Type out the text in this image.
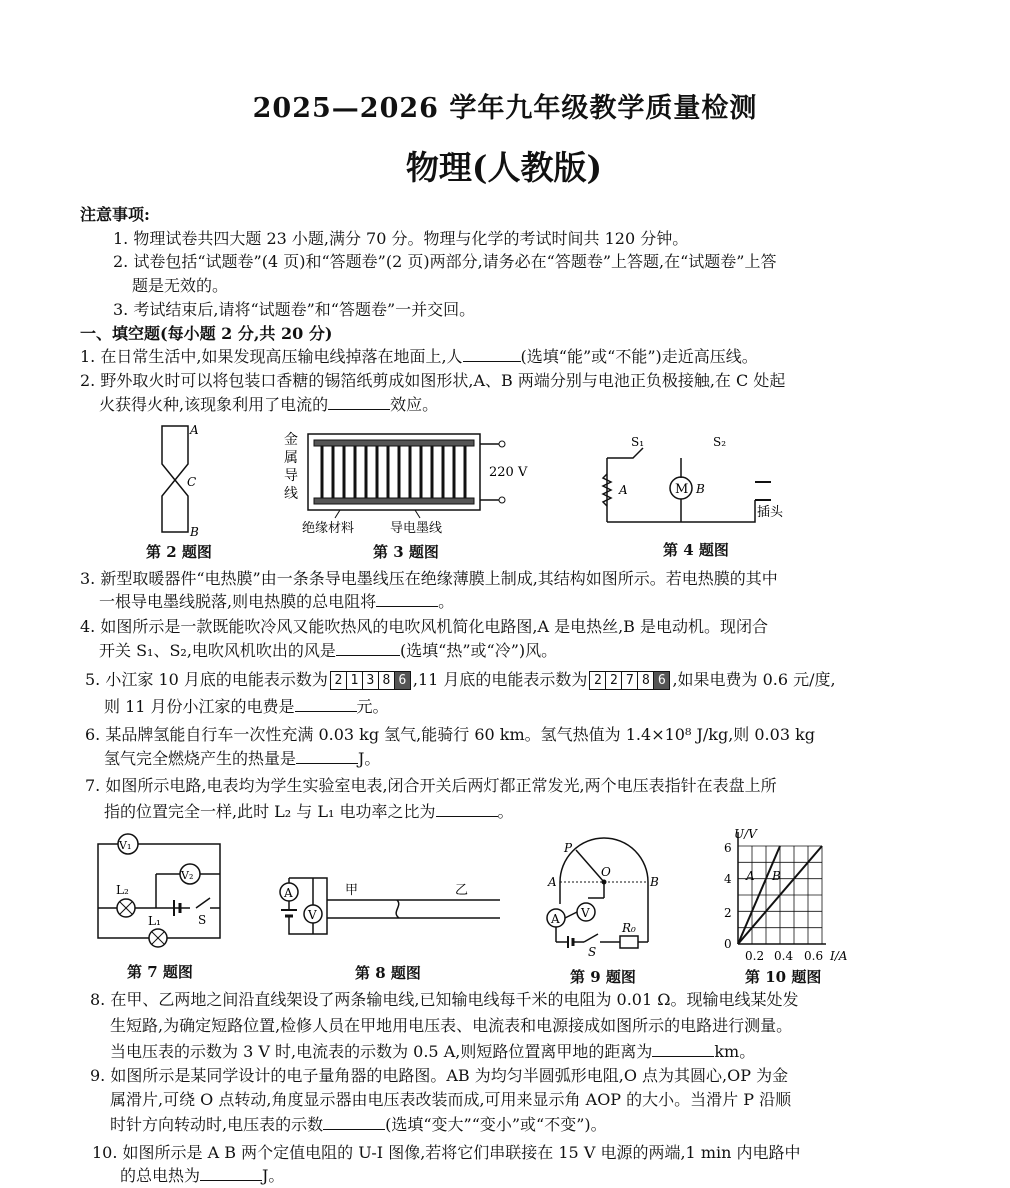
2025—2026 学年九年级教学质量检测
物理(人教版)
注意事项:
1. 物理试卷共四大题 23 小题,满分 70 分。物理与化学的考试时间共 120 分钟。
2. 试卷包括“试题卷”(4 页)和“答题卷”(2 页)两部分,请务必在“答题卷”上答题,在“试题卷”上答
题是无效的。
3. 考试结束后,请将“试题卷”和“答题卷”一并交回。
一、填空题(每小题 2 分,共 20 分)
1. 在日常生活中,如果发现高压输电线掉落在地面上,人	(选填“能”或“不能”)走近高压线。
2. 野外取火时可以将包装口香糖的锡箔纸剪成如图形状,A、B 两端分别与电池正负极接触,在 C 处起
火获得火种,该现象利用了电流的	效应。
A
C
B
第 2 题图
金
属
导
线
220 V
绝缘材料	导电墨线
第 3 题图
M
S₁	S₂
A	B
插头
第 4 题图
3. 新型取暖器件“电热膜”由一条条导电墨线压在绝缘薄膜上制成,其结构如图所示。若电热膜的其中
一根导电墨线脱落,则电热膜的总电阻将	。
4. 如图所示是一款既能吹冷风又能吹热风的电吹风机简化电路图,A 是电热丝,B 是电动机。现闭合
开关 S₁、S₂,电吹风机吹出的风是	(选填“热”或“冷”)风。
5. 小江家 10 月底的电能表示数为 2 1 3 8 6 ,11 月底的电能表示数为 2 2 7 8 6 ,如果电费为 0.6 元/度,
则 11 月份小江家的电费是	元。
6. 某品牌氢能自行车一次性充满 0.03 kg 氢气,能骑行 60 km。氢气热值为 1.4×10⁸ J/kg,则 0.03 kg
氢气完全燃烧产生的热量是	J。
7. 如图所示电路,电表均为学生实验室电表,闭合开关后两灯都正常发光,两个电压表指针在表盘上所
指的位置完全一样,此时 L₂ 与 L₁ 电功率之比为	。
V₁
V₂
L₂
L₁	S
第 7 题图
A
V
甲	乙
第 8 题图
A V
P
O
A	B
S
R₀
第 9 题图
U/V
I/A
6
4
2
0
0.2 0.4 0.6
A B
第 10 题图
8. 在甲、乙两地之间沿直线架设了两条输电线,已知输电线每千米的电阻为 0.01 Ω。现输电线某处发
生短路,为确定短路位置,检修人员在甲地用电压表、电流表和电源接成如图所示的电路进行测量。
当电压表的示数为 3 V 时,电流表的示数为 0.5 A,则短路位置离甲地的距离为	km。
9. 如图所示是某同学设计的电子量角器的电路图。AB 为均匀半圆弧形电阻,O 点为其圆心,OP 为金
属滑片,可绕 O 点转动,角度显示器由电压表改装而成,可用来显示角 AOP 的大小。当滑片 P 沿顺
时针方向转动时,电压表的示数	(选填“变大”“变小”或“不变”)。
10. 如图所示是 A B 两个定值电阻的 U-I 图像,若将它们串联接在 15 V 电源的两端,1 min 内电路中
的总电热为	J。
